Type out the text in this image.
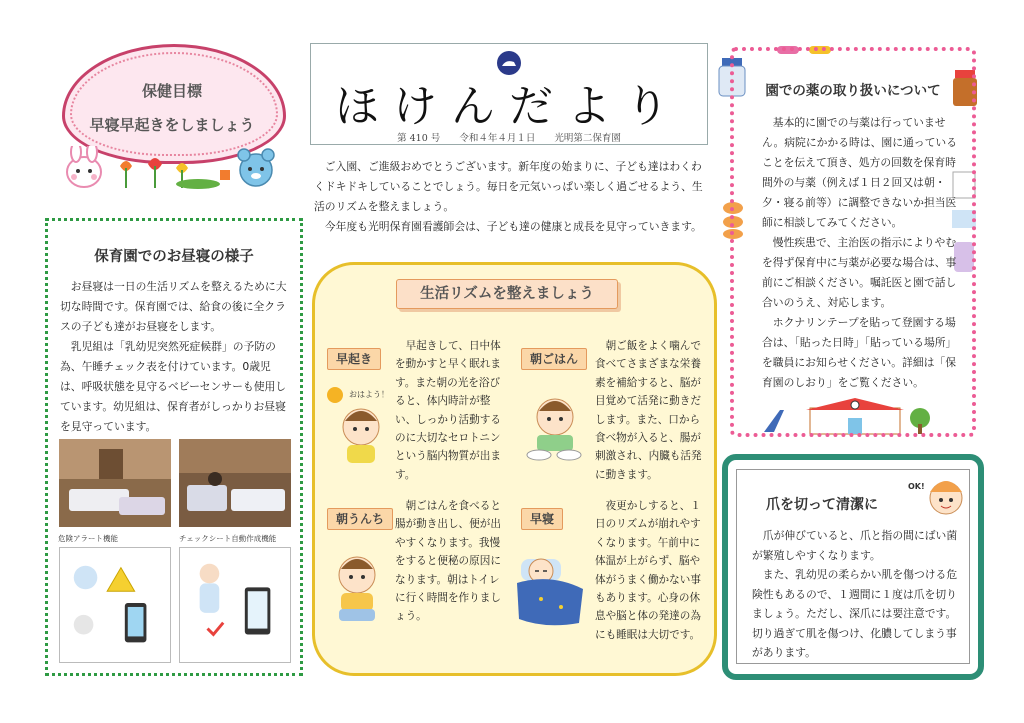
保健目標
早寝早起きをしましょう	ほけんだより
第 410 号 令和４年４月１日 光明第二保育園

ご入園、ご進級おめでとうございます。新年度の始まりに、子ども達はわくわくドキドキしていることでしょう。毎日を元気いっぱい楽しく過ごせるよう、生活のリズムを整えましょう。

今年度も光明保育園看護師会は、子ども達の健康と成長を見守っていきます。

保育園でのお昼寝の様子

お昼寝は一日の生活リズムを整えるために大切な時間です。保育園では、給食の後に全クラスの子ども達がお昼寝をします。

乳児組は「乳幼児突然死症候群」の予防の為、午睡チェック表を付けています。0歳児は、呼吸状態を見守るベビーセンサーも使用しています。幼児組は、保育者がしっかりお昼寝を見守っています。

危険アラート機能	チェックシート自動作成機能
生活リズムを整えましょう
早起き
早起きして、日中体を動かすと早く眠れます。また朝の光を浴びると、体内時計が整い、しっかり活動するのに大切なセロトニンという脳内物質が出ます。
おはよう！
朝ごはん
朝ご飯をよく噛んで食べてさまざまな栄養素を補給すると、脳が目覚めて活発に動きだします。また、口から食べ物が入ると、腸が刺激され、内臓も活発に動きます。
朝うんち
朝ごはんを食べると腸が動き出し、便が出やすくなります。我慢をすると便秘の原因になります。朝はトイレに行く時間を作りましょう。
早寝
夜更かしすると、１日のリズムが崩れやすくなります。午前中に体温が上がらず、脳や体がうまく働かない事もあります。心身の休息や脳と体の発達の為にも睡眠は大切です。
園での薬の取り扱いについて

基本的に園での与薬は行っていません。病院にかかる時は、園に通っていることを伝えて頂き、処方の回数を保育時間外の与薬（例えば１日２回又は朝・夕・寝る前等）に調整できないか担当医師に相談してみてください。

慢性疾患で、主治医の指示によりやむを得ず保育中に与薬が必要な場合は、事前にご相談ください。嘱託医と園で話し合いのうえ、対応します。

ホクナリンテープを貼って登園する場合は、「貼った日時」「貼っている場所」を職員にお知らせください。詳細は「保育園のしおり」をご覧ください。

爪を切って清潔に
OK!

爪が伸びていると、爪と指の間にばい菌が繁殖しやすくなります。

また、乳幼児の柔らかい肌を傷つける危険性もあるので、１週間に１度は爪を切りましょう。ただし、深爪には要注意です。切り過ぎて肌を傷つけ、化膿してしまう事があります。
